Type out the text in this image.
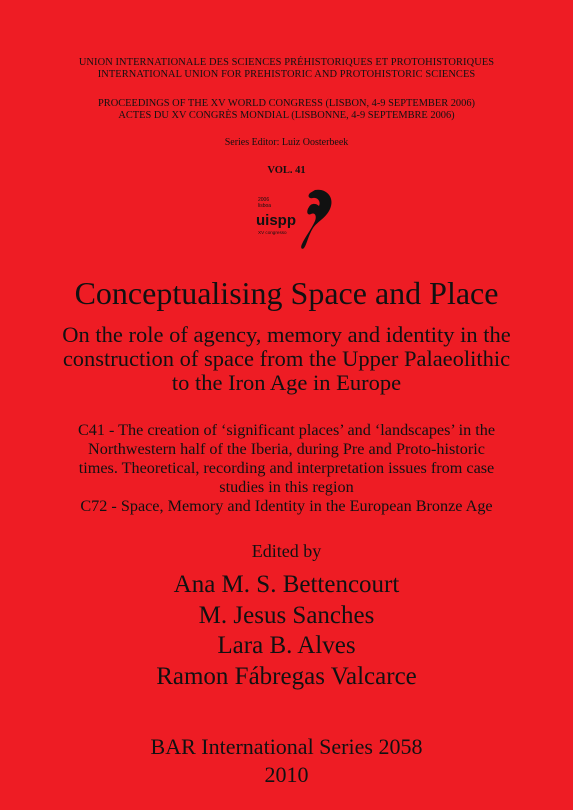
UNION INTERNATIONALE DES SCIENCES PRÉHISTORIQUES ET PROTOHISTORIQUES
INTERNATIONAL UNION FOR PREHISTORIC AND PROTOHISTORIC SCIENCES
PROCEEDINGS OF THE XV WORLD CONGRESS (LISBON, 4-9 SEPTEMBER 2006)
ACTES DU XV CONGRÈS MONDIAL (LISBONNE, 4-9 SEPTEMBRE 2006)
Series Editor: Luiz Oosterbeek
VOL. 41
2006
lisboa
uispp
XV congresso
Conceptualising Space and Place
On the role of agency, memory and identity in the
construction of space from the Upper Palaeolithic
to the Iron Age in Europe
C41 - The creation of ‘significant places’ and ‘landscapes’ in the
Northwestern half of the Iberia, during Pre and Proto-historic
times. Theoretical, recording and interpretation issues from case
studies in this region
C72 - Space, Memory and Identity in the European Bronze Age
Edited by
Ana M. S. Bettencourt
M. Jesus Sanches
Lara B. Alves
Ramon Fábregas Valcarce
BAR International Series 2058
2010
